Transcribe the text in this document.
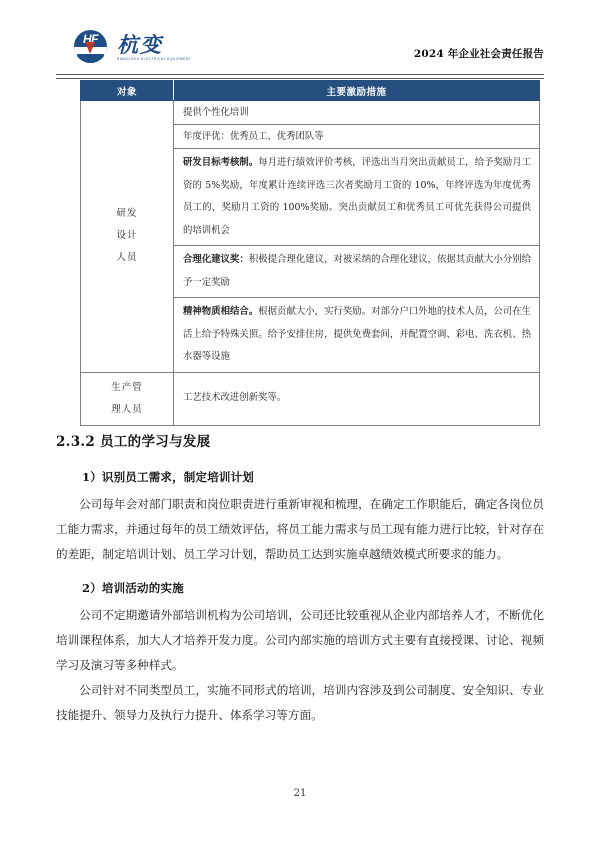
HF 杭变
HANGZHOU ELECTRICAL EQUIPMENT	2024 年企业社会责任报告
对象	主要激励措施

研发
设计
人员	提供个性化培训
	年度评优：优秀员工、优秀团队等
	研发目标考核制。每月进行绩效评价考核，评选出当月突出贡献员工，给予奖励月工资的 5%奖励，年度累计连续评选三次者奖励月工资的 10%，年终评选为年度优秀员工的，奖励月工资的 100%奖励。突出贡献员工和优秀员工可优先获得公司提供的培训机会
	合理化建议奖：积极提合理化建议，对被采纳的合理化建议，依据其贡献大小分别给予一定奖励
	精神物质相结合。根据贡献大小，实行奖励。对部分户口外地的技术人员，公司在生活上给予特殊关照。给予安排住房，提供免费套间，并配置空调、彩电、洗衣机、热水器等设施

生产管
理人员	工艺技术改进创新奖等。
2.3.2 员工的学习与发展
1）识别员工需求，制定培训计划

公司每年会对部门职责和岗位职责进行重新审视和梳理，在确定工作职能后，确定各岗位员工能力需求，并通过每年的员工绩效评估，将员工能力需求与员工现有能力进行比较，针对存在的差距，制定培训计划、员工学习计划，帮助员工达到实施卓越绩效模式所要求的能力。

2）培训活动的实施

公司不定期邀请外部培训机构为公司培训，公司还比较重视从企业内部培养人才，不断优化培训课程体系，加大人才培养开发力度。公司内部实施的培训方式主要有直接授课、讨论、视频学习及演习等多种样式。

公司针对不同类型员工，实施不同形式的培训，培训内容涉及到公司制度、安全知识、专业技能提升、领导力及执行力提升、体系学习等方面。

21
